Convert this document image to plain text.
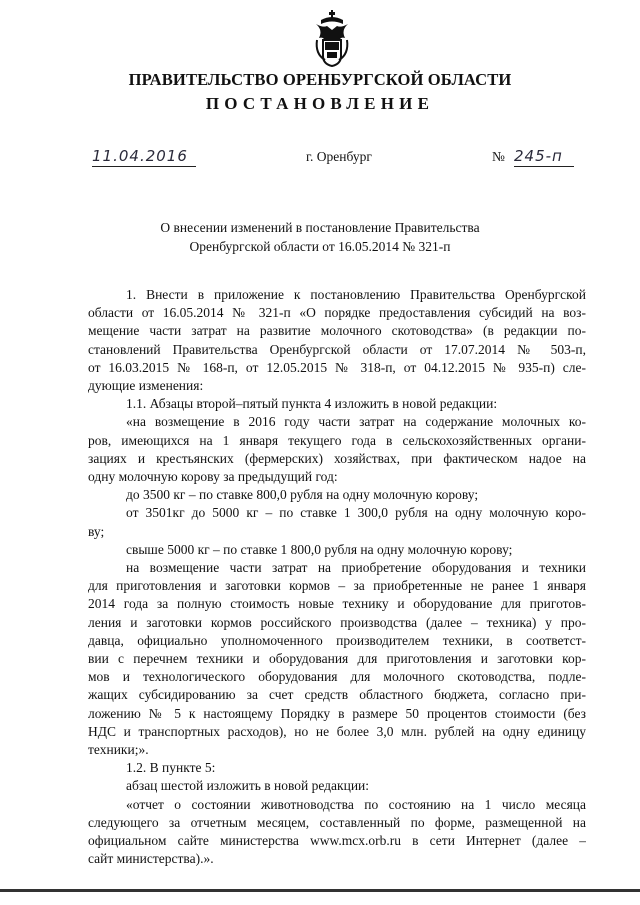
ПРАВИТЕЛЬСТВО ОРЕНБУРГСКОЙ ОБЛАСТИ
ПОСТАНОВЛЕНИЕ
11.04.2016	г. Оренбург	№ 245-п
О внесении изменений в постановление Правительства
Оренбургской области от 16.05.2014 № 321-п
1. Внести в приложение к постановлению Правительства Оренбургской
области от 16.05.2014 № 321-п «О порядке предоставления субсидий на воз-
мещение части затрат на развитие молочного скотоводства» (в редакции по-
становлений Правительства Оренбургской области от 17.07.2014 № 503-п,
от 16.03.2015 № 168-п, от 12.05.2015 № 318-п, от 04.12.2015 № 935-п) сле-
дующие изменения:
1.1. Абзацы второй–пятый пункта 4 изложить в новой редакции:
«на возмещение в 2016 году части затрат на содержание молочных ко-
ров, имеющихся на 1 января текущего года в сельскохозяйственных органи-
зациях и крестьянских (фермерских) хозяйствах, при фактическом надое на
одну молочную корову за предыдущий год:
до 3500 кг – по ставке 800,0 рубля на одну молочную корову;
от 3501кг до 5000 кг – по ставке 1 300,0 рубля на одну молочную коро-
ву;
свыше 5000 кг – по ставке 1 800,0 рубля на одну молочную корову;
на возмещение части затрат на приобретение оборудования и техники
для приготовления и заготовки кормов – за приобретенные не ранее 1 января
2014 года за полную стоимость новые технику и оборудование для приготов-
ления и заготовки кормов российского производства (далее – техника) у про-
давца, официально уполномоченного производителем техники, в соответст-
вии с перечнем техники и оборудования для приготовления и заготовки кор-
мов и технологического оборудования для молочного скотоводства, подле-
жащих субсидированию за счет средств областного бюджета, согласно при-
ложению № 5 к настоящему Порядку в размере 50 процентов стоимости (без
НДС и транспортных расходов), но не более 3,0 млн. рублей на одну единицу
техники;».
1.2. В пункте 5:
абзац шестой изложить в новой редакции:
«отчет о состоянии животноводства по состоянию на 1 число месяца
следующего за отчетным месяцем, составленный по форме, размещенной на
официальном сайте министерства www.mcx.orb.ru в сети Интернет (далее –
сайт министерства).».
